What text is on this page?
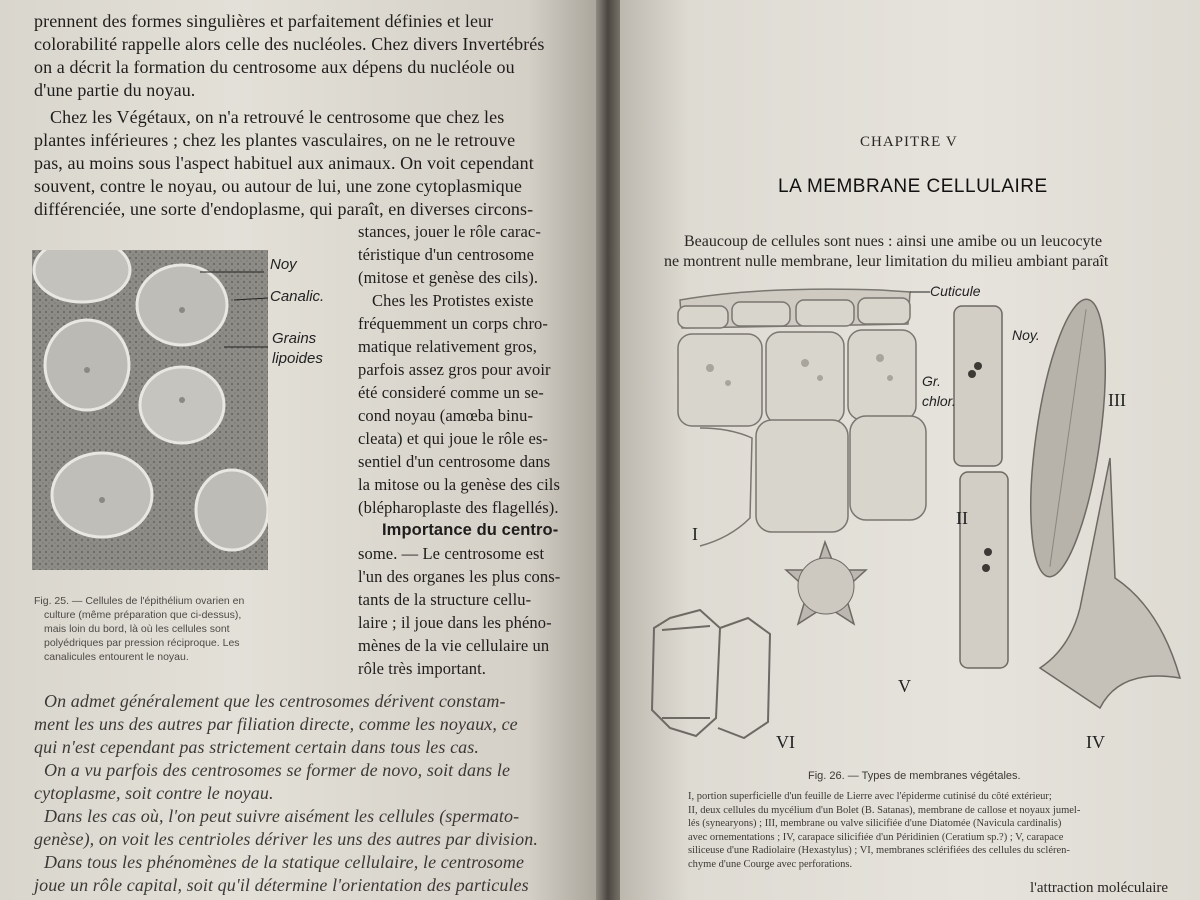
prennent des formes singulières et parfaitement définies et leur
colorabilité rappelle alors celle des nucléoles. Chez divers Invertébrés
on a décrit la formation du centrosome aux dépens du nucléole ou
d'une partie du noyau.
Chez les Végétaux, on n'a retrouvé le centrosome que chez les
plantes inférieures ; chez les plantes vasculaires, on ne le retrouve
pas, au moins sous l'aspect habituel aux animaux. On voit cependant
souvent, contre le noyau, ou autour de lui, une zone cytoplasmique
différenciée, une sorte d'endoplasme, qui paraît, en diverses circons-
Noy
Canalic.
Grains
lipoides
Fig. 25. — Cellules de l'épithélium ovarien en
culture (même préparation que ci-dessus),
mais loin du bord, là où les cellules sont
polyédriques par pression réciproque. Les
canalicules entourent le noyau.
stances, jouer le rôle carac-
téristique d'un centrosome
(mitose et genèse des cils).
Ches les Protistes existe
fréquemment un corps chro-
matique relativement gros,
parfois assez gros pour avoir
été consideré comme un se-
cond noyau (amœba binu-
cleata) et qui joue le rôle es-
sentiel d'un centrosome dans
la mitose ou la genèse des cils
(blépharoplaste des flagellés).
Importance du centro-
some. — Le centrosome est
l'un des organes les plus cons-
tants de la structure cellu-
laire ; il joue dans les phéno-
mènes de la vie cellulaire un
rôle très important.
On admet généralement que les centrosomes dérivent constam-
ment les uns des autres par filiation directe, comme les noyaux, ce
qui n'est cependant pas strictement certain dans tous les cas.
On a vu parfois des centrosomes se former de novo, soit dans le
cytoplasme, soit contre le noyau.
Dans les cas où, l'on peut suivre aisément les cellules (spermato-
genèse), on voit les centrioles dériver les uns des autres par division.
Dans tous les phénomènes de la statique cellulaire, le centrosome
joue un rôle capital, soit qu'il détermine l'orientation des particules
CHAPITRE V
LA MEMBRANE CELLULAIRE
Beaucoup de cellules sont nues : ainsi une amibe ou un leucocyte
ne montrent nulle membrane, leur limitation du milieu ambiant paraît
Cuticule
Noy.
Gr.
chlor.
I
II
III
IV
V
VI
Fig. 26. — Types de membranes végétales.
I, portion superficielle d'un feuille de Lierre avec l'épiderme cutinisé du côté extérieur;
II, deux cellules du mycélium d'un Bolet (B. Satanas), membrane de callose et noyaux jumel-
lés (synearyons) ; III, membrane ou valve silicifiée d'une Diatomée (Navicula cardinalis)
avec ornementations ; IV, carapace silicifiée d'un Péridinien (Ceratium sp.?) ; V, carapace
siliceuse d'une Radiolaire (Hexastylus) ; VI, membranes sclérifiées des cellules du scléren-
chyme d'une Courge avec perforations.
l'attraction moléculaire
